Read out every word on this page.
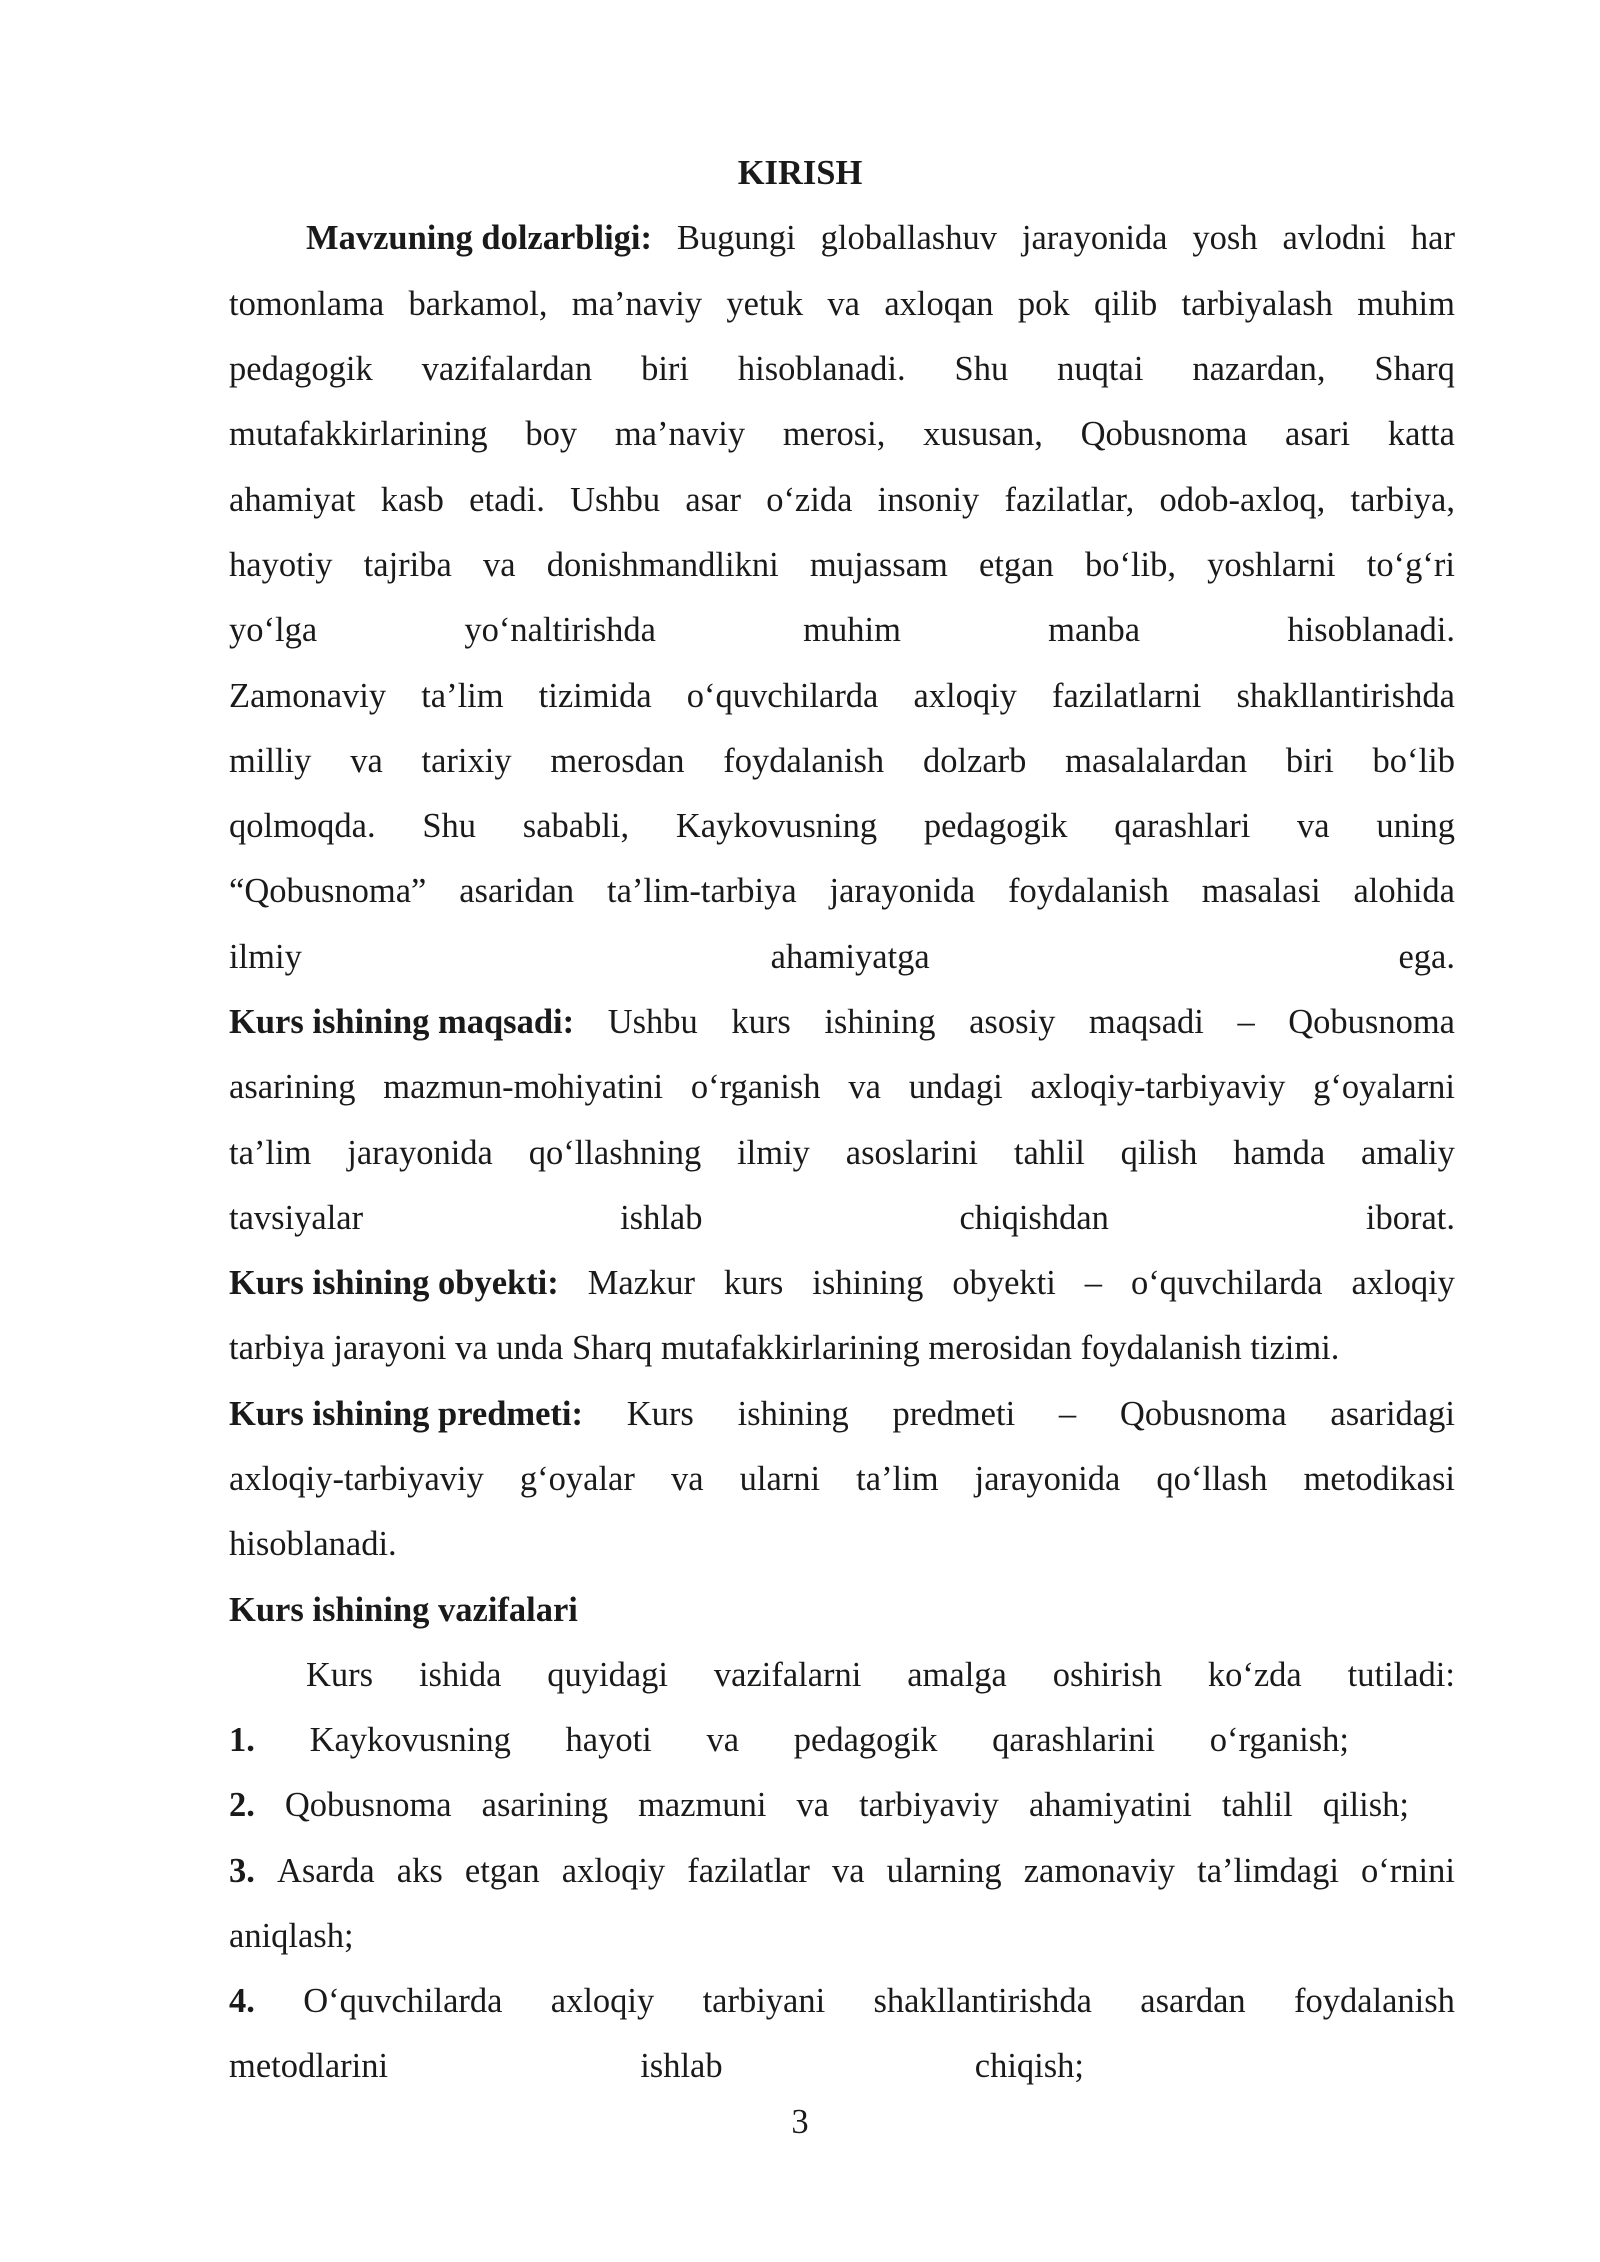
KIRISH
Mavzuning dolzarbligi: Bugungi globallashuv jarayonida yosh avlodni har
tomonlama barkamol, ma’naviy yetuk va axloqan pok qilib tarbiyalash muhim
pedagogik vazifalardan biri hisoblanadi. Shu nuqtai nazardan, Sharq
mutafakkirlarining boy ma’naviy merosi, xususan, Qobusnoma asari katta
ahamiyat kasb etadi. Ushbu asar o‘zida insoniy fazilatlar, odob-axloq, tarbiya,
hayotiy tajriba va donishmandlikni mujassam etgan bo‘lib, yoshlarni to‘g‘ri
yo‘lga	yo‘naltirishda	muhim	manba	hisoblanadi.
Zamonaviy ta’lim tizimida o‘quvchilarda axloqiy fazilatlarni shakllantirishda
milliy va tarixiy merosdan foydalanish dolzarb masalalardan biri bo‘lib
qolmoqda. Shu sababli, Kaykovusning pedagogik qarashlari va uning
“Qobusnoma” asaridan ta’lim-tarbiya jarayonida foydalanish masalasi alohida
ilmiy	ahamiyatga	ega.
Kurs ishining maqsadi: Ushbu kurs ishining asosiy maqsadi – Qobusnoma
asarining mazmun-mohiyatini o‘rganish va undagi axloqiy-tarbiyaviy g‘oyalarni
ta’lim jarayonida qo‘llashning ilmiy asoslarini tahlil qilish hamda amaliy
tavsiyalar	ishlab	chiqishdan	iborat.
Kurs ishining obyekti: Mazkur kurs ishining obyekti – o‘quvchilarda axloqiy
tarbiya jarayoni va unda Sharq mutafakkirlarining merosidan foydalanish tizimi.
Kurs ishining predmeti: Kurs ishining predmeti – Qobusnoma asaridagi
axloqiy-tarbiyaviy g‘oyalar va ularni ta’lim jarayonida qo‘llash metodikasi
hisoblanadi.
Kurs ishining vazifalari
Kurs ishida quyidagi vazifalarni amalga oshirish ko‘zda tutiladi:
1. Kaykovusning hayoti va pedagogik qarashlarini o‘rganish;
2. Qobusnoma asarining mazmuni va tarbiyaviy ahamiyatini tahlil qilish;
3. Asarda aks etgan axloqiy fazilatlar va ularning zamonaviy ta’limdagi o‘rnini
aniqlash;
4. O‘quvchilarda axloqiy tarbiyani shakllantirishda asardan foydalanish
metodlarini	ishlab	chiqish;
3
